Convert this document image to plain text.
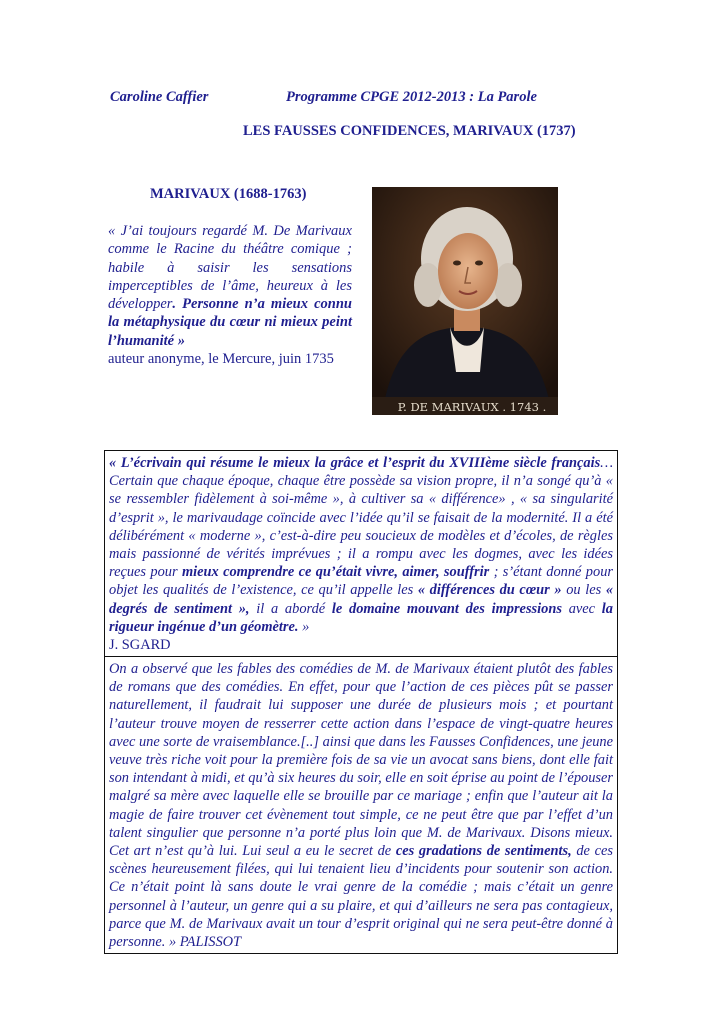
Caroline Caffier	Programme CPGE 2012-2013 : La Parole
LES FAUSSES CONFIDENCES, MARIVAUX (1737)
MARIVAUX (1688-1763)
« J’ai toujours regardé M. De Marivaux comme le Racine du théâtre comique ; habile à saisir les sensations imperceptibles de l’âme, heureux à les développer. Personne n’a mieux connu la métaphysique du cœur ni mieux peint l’humanité »
auteur anonyme, le Mercure, juin 1735
P. DE MARIVAUX . 1743 .
« L’écrivain qui résume le mieux la grâce et l’esprit du XVIIIème siècle français…Certain que chaque époque, chaque être possède sa vision propre, il n’a songé qu’à « se ressembler fidèlement à soi-même », à cultiver sa « différence» , « sa singularité d’esprit », le marivaudage coïncide avec l’idée qu’il se faisait de la modernité. Il a été délibérément « moderne », c’est-à-dire peu soucieux de modèles et d’écoles, de règles mais passionné de vérités imprévues ; il a rompu avec les dogmes, avec les idées reçues pour mieux comprendre ce qu’était vivre, aimer, souffrir ; s’étant donné pour objet les qualités de l’existence, ce qu’il appelle les « différences du cœur » ou les « degrés de sentiment », il a abordé le domaine mouvant des impressions avec la rigueur ingénue d’un géomètre. »
J. SGARD
On a observé que les fables des comédies de M. de Marivaux étaient plutôt des fables de romans que des comédies. En effet, pour que l’action de ces pièces pût se passer naturellement, il faudrait lui supposer une durée de plusieurs mois ; et pourtant l’auteur trouve moyen de resserrer cette action dans l’espace de vingt-quatre heures avec une sorte de vraisemblance.[..] ainsi que dans les Fausses Confidences, une jeune veuve très riche voit pour la première fois de sa vie un avocat sans biens, dont elle fait son intendant à midi, et qu’à six heures du soir, elle en soit éprise au point de l’épouser malgré sa mère avec laquelle elle se brouille par ce mariage ; enfin que l’auteur ait la magie de faire trouver cet évènement tout simple, ce ne peut être que par l’effet d’un talent singulier que personne n’a porté plus loin que M. de Marivaux. Disons mieux. Cet art n’est qu’à lui. Lui seul a eu le secret de ces gradations de sentiments, de ces scènes heureusement filées, qui lui tenaient lieu d’incidents pour soutenir son action. Ce n’était point là sans doute le vrai genre de la comédie ; mais c’était un genre personnel à l’auteur, un genre qui a su plaire, et qui d’ailleurs ne sera pas contagieux, parce que M. de Marivaux avait un tour d’esprit original qui ne sera peut-être donné à personne. » PALISSOT
